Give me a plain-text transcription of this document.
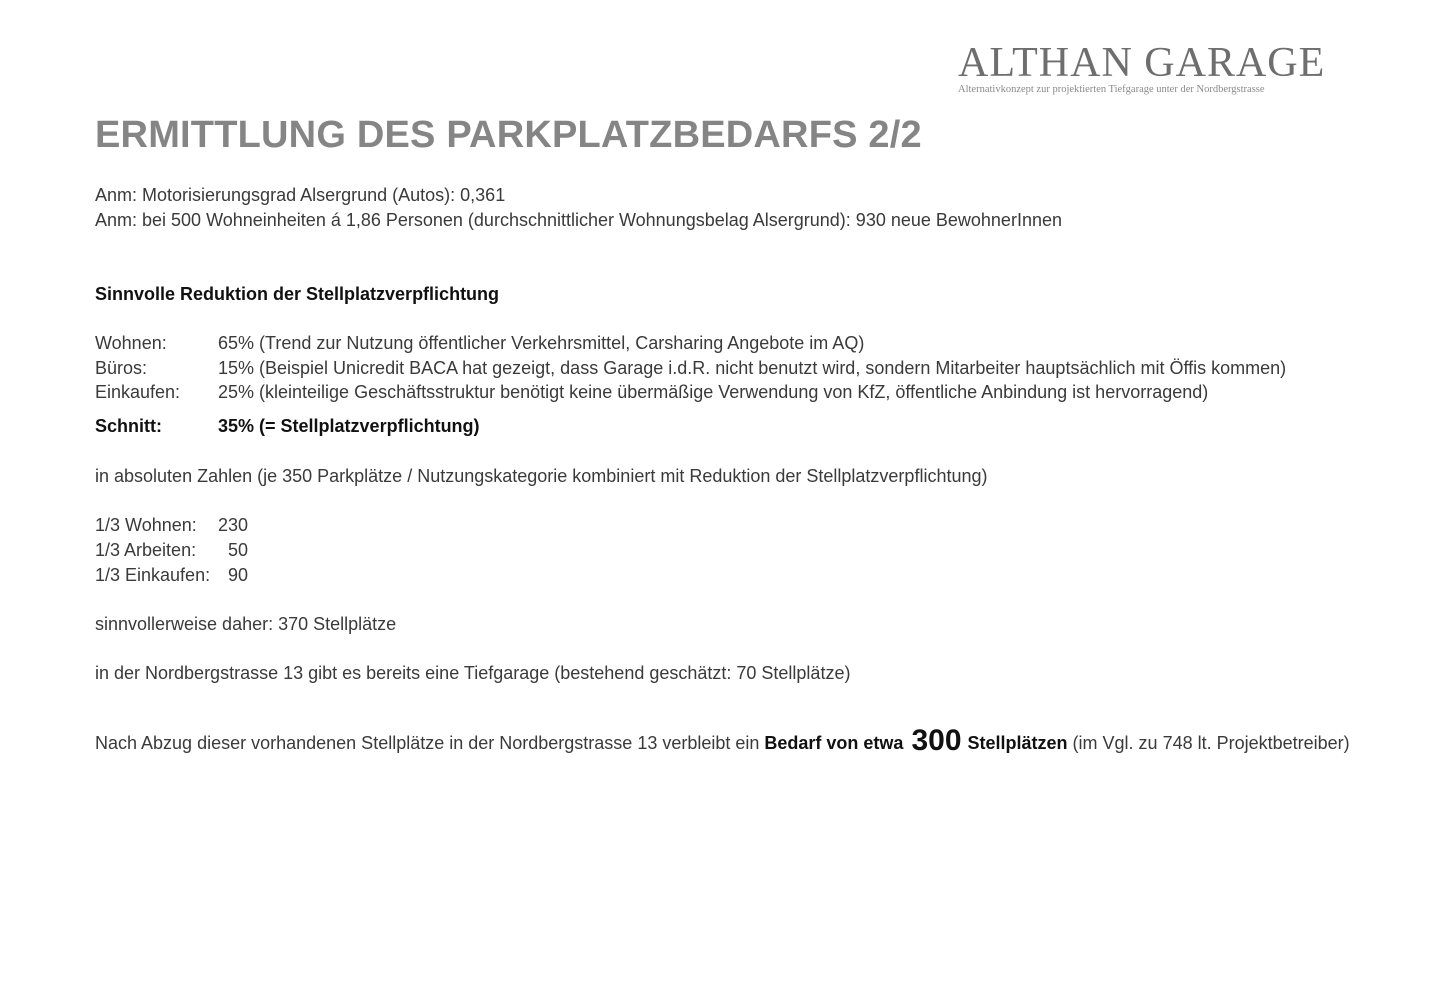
ALTHAN GARAGE
Alternativkonzept zur projektierten Tiefgarage unter der Nordbergstrasse
ERMITTLUNG DES PARKPLATZBEDARFS 2/2
Anm: Motorisierungsgrad Alsergrund (Autos): 0,361
Anm: bei 500 Wohneinheiten á 1,86 Personen (durchschnittlicher Wohnungsbelag Alsergrund): 930 neue BewohnerInnen
Sinnvolle Reduktion der Stellplatzverpflichtung
Wohnen:	65% (Trend zur Nutzung öffentlicher Verkehrsmittel, Carsharing Angebote im AQ)
Büros:	15% (Beispiel Unicredit BACA hat gezeigt, dass Garage i.d.R. nicht benutzt wird, sondern Mitarbeiter hauptsächlich mit Öffis kommen)
Einkaufen: 25% (kleinteilige Geschäftsstruktur benötigt keine übermäßige Verwendung von KfZ, öffentliche Anbindung ist hervorragend)
Schnitt:	35% (= Stellplatzverpflichtung)
in absoluten Zahlen (je 350 Parkplätze / Nutzungskategorie kombiniert mit Reduktion der Stellplatzverpflichtung)
1/3 Wohnen: 230
1/3 Arbeiten: 50
1/3 Einkaufen: 90
sinnvollerweise daher: 370 Stellplätze
in der Nordbergstrasse 13 gibt es bereits eine Tiefgarage (bestehend geschätzt: 70 Stellplätze)
Nach Abzug dieser vorhandenen Stellplätze in der Nordbergstrasse 13 verbleibt ein Bedarf von etwa 300 Stellplätzen (im Vgl. zu 748 lt. Projektbetreiber)
